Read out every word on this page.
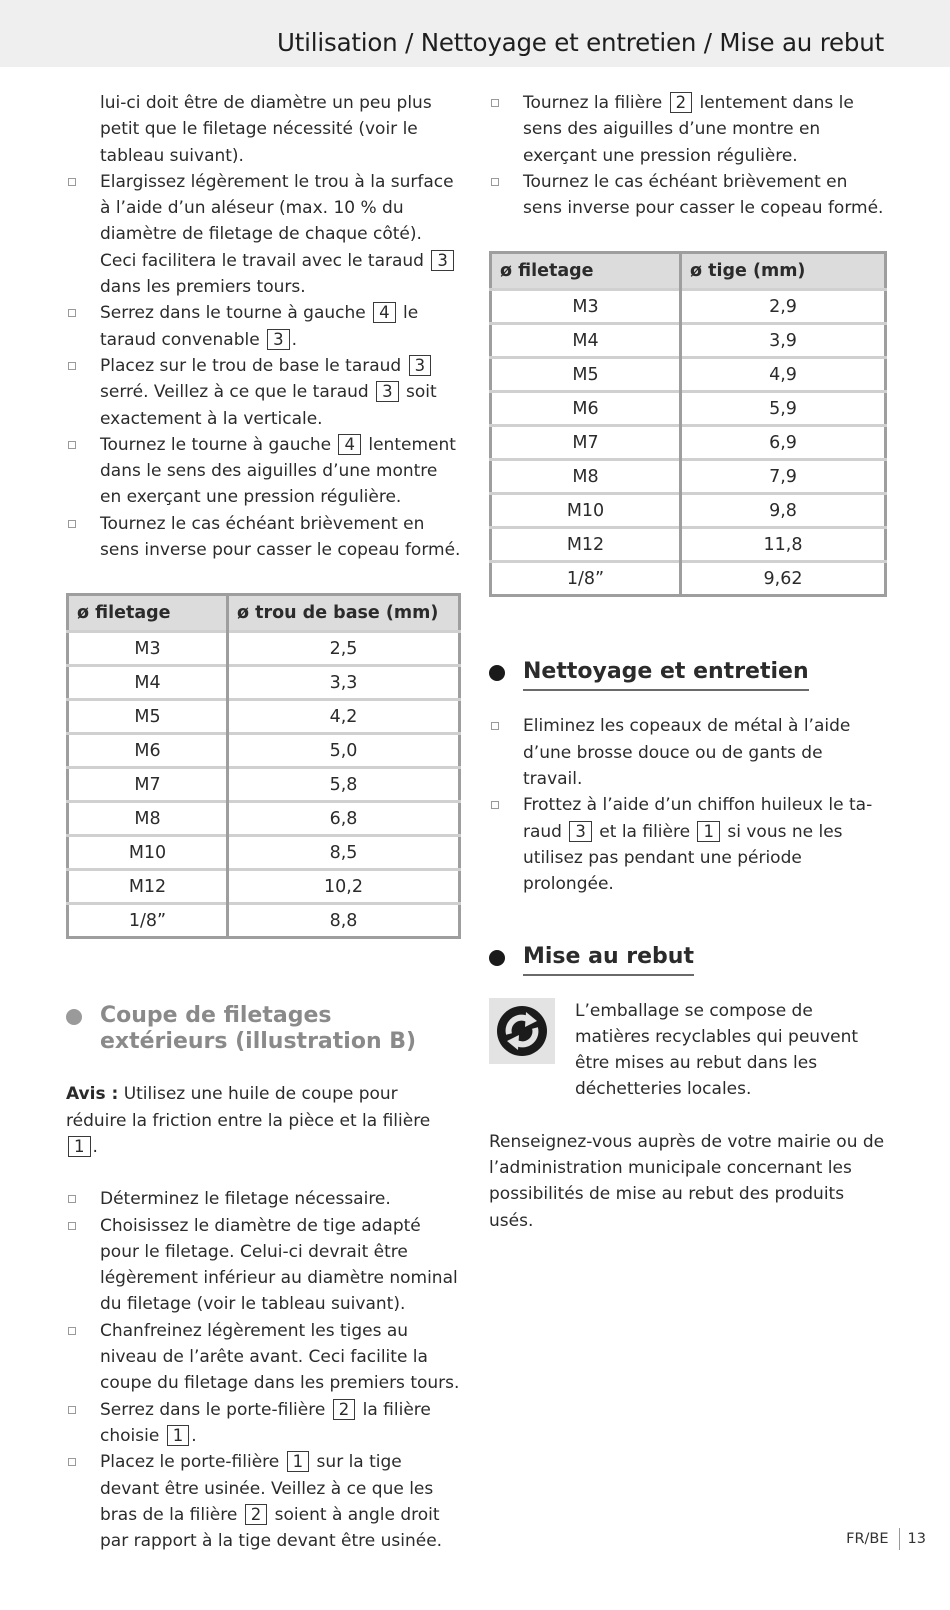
Utilisation / Nettoyage et entretien / Mise au rebut

lui-ci doit être de diamètre un peu plus petit que le filetage nécessité (voir le tableau suivant).

Elargissez légèrement le trou à la surface à l’aide d’un aléseur (max. 10 % du diamètre de filetage de chaque côté). Ceci facilitera le travail avec le taraud 3 dans les premiers tours.
Serrez dans le tourne à gauche 4 le taraud convenable 3 .
Placez sur le trou de base le taraud 3 serré. Veillez à ce que le taraud 3 soit exactement à la verticale.
Tournez le tourne à gauche 4 lentement dans le sens des aiguilles d’une montre en exerçant une pression régulière.
Tournez le cas échéant brièvement en sens inverse pour casser le copeau formé.
ø filetage	ø trou de base (mm)
M3	2,5
M4	3,3
M5	4,2
M6	5,0
M7	5,8
M8	6,8
M10	8,5
M12	10,2
1/8”	8,8
Coupe de filetages
extérieurs (illustration B)

Avis : Utilisez une huile de coupe pour réduire la friction entre la pièce et la filière 1 .

Déterminez le filetage nécessaire.
Choisissez le diamètre de tige adapté pour le filetage. Celui-ci devrait être légèrement inférieur au diamètre nominal du filetage (voir le tableau suivant).
Chanfreinez légèrement les tiges au niveau de l’arête avant. Ceci facilite la coupe du filetage dans les premiers tours.
Serrez dans le porte-filière 2 la filière choisie 1 .
Placez le porte-filière 1 sur la tige devant être usinée. Veillez à ce que les bras de la filière 2 soient à angle droit par rapport à la tige devant être usinée.
Tournez la filière 2 lentement dans le sens des aiguilles d’une montre en exerçant une pression régulière.
Tournez le cas échéant brièvement en sens inverse pour casser le copeau formé.
ø filetage	ø tige (mm)
M3	2,9
M4	3,9
M5	4,9
M6	5,9
M7	6,9
M8	7,9
M10	9,8
M12	11,8
1/8”	9,62
Nettoyage et entretien
Eliminez les copeaux de métal à l’aide d’une brosse douce ou de gants de travail.
Frottez à l’aide d’un chiffon huileux le taraud 3 et la filière 1 si vous ne les utilisez pas pendant une période prolongée.
Mise au rebut

L’emballage se compose de matières recyclables qui peuvent être mises au rebut dans les déchetteries locales.

Renseignez-vous auprès de votre mairie ou de l’administration municipale concernant les possibilités de mise au rebut des produits usés.

FR/BE 13
